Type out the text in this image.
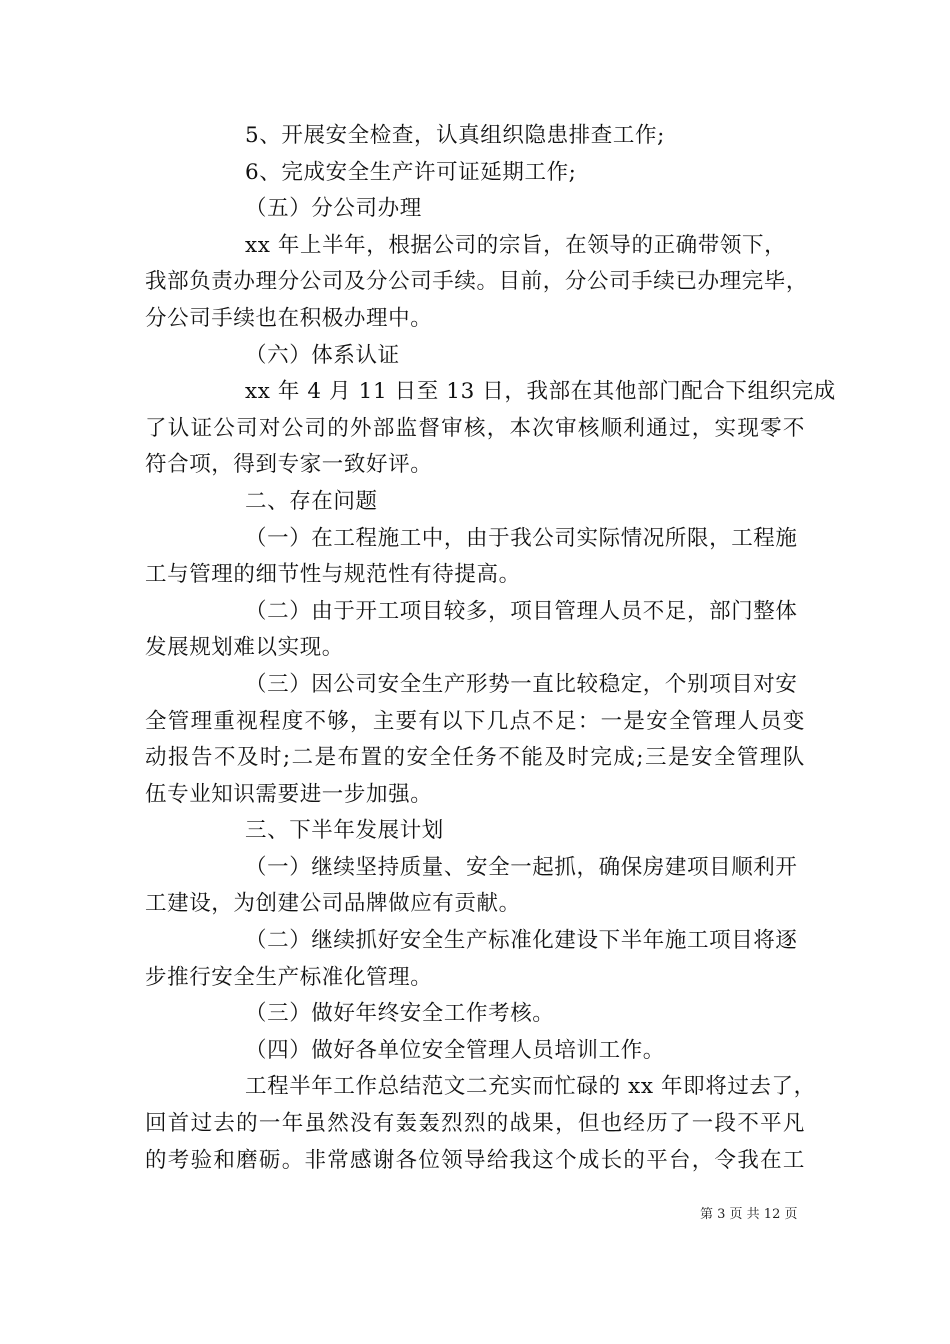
5、开展安全检查，认真组织隐患排查工作;
6、完成安全生产许可证延期工作;
（五）分公司办理
xx 年上半年，根据公司的宗旨，在领导的正确带领下，
我部负责办理分公司及分公司手续。目前，分公司手续已办理完毕，
分公司手续也在积极办理中。
（六）体系认证
xx 年 4 月 11 日至 13 日，我部在其他部门配合下组织完成
了认证公司对公司的外部监督审核，本次审核顺利通过，实现零不
符合项，得到专家一致好评。
二、存在问题
（一）在工程施工中，由于我公司实际情况所限，工程施
工与管理的细节性与规范性有待提高。
（二）由于开工项目较多，项目管理人员不足，部门整体
发展规划难以实现。
（三）因公司安全生产形势一直比较稳定，个别项目对安
全管理重视程度不够，主要有以下几点不足：一是安全管理人员变
动报告不及时;二是布置的安全任务不能及时完成;三是安全管理队
伍专业知识需要进一步加强。
三、下半年发展计划
（一）继续坚持质量、安全一起抓，确保房建项目顺利开
工建设，为创建公司品牌做应有贡献。
（二）继续抓好安全生产标准化建设下半年施工项目将逐
步推行安全生产标准化管理。
（三）做好年终安全工作考核。
（四）做好各单位安全管理人员培训工作。
工程半年工作总结范文二充实而忙碌的 xx 年即将过去了，
回首过去的一年虽然没有轰轰烈烈的战果，但也经历了一段不平凡
的考验和磨砺。非常感谢各位领导给我这个成长的平台，令我在工
第 3 页 共 12 页
